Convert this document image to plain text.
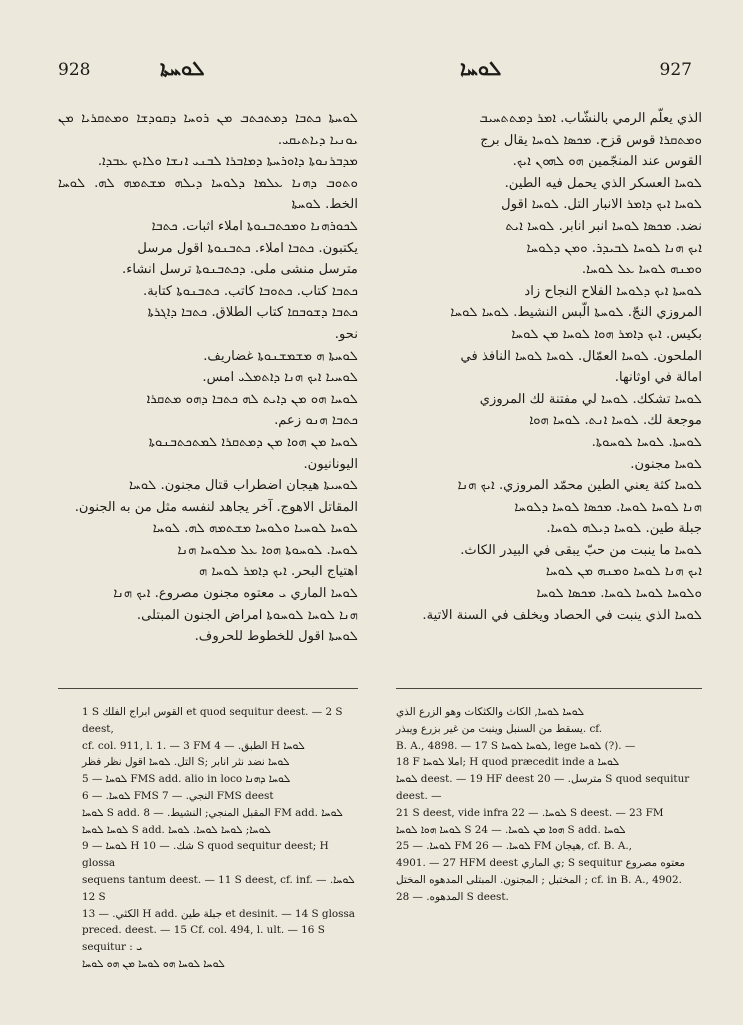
928	ܠܘܚܬܐ	ܠܘܚܐ	927

ܠܘܚܬܐ ܟܬܒܐ ܕܡܬܟܬܒ ܡܢ ܪܘܚܐ ܕܩܘܕܫܐ ܘܡܬܩܪܝܐ ܡܢ ܝܘܢܝܐ ܕܝܐܬܝܩܝ.

ܡܕܒܪܢܘܬܐ ܕܐܘܪܚܬܐ ܕܡܐܒܪܐ ܠܒܢܝ ܐܢܫܐ ܘܠܐܝܟ ܥܒܕܐ.

ܘܬܘܒ ܕܗܢܐ ܥܠܡܐ ܕܠܘܚܐ ܕܝܠܗ ܡܫܬܡܗ ܠܗ. ܠܘܚܐ الخط. ܠܘܚܬܐ

ܠܟܘܪܗܢܐ ܘܡܟܬܒܢܘܬܐ املاء اثبات. ܟܬܒܐ

يكتبون. ܟܬܒܐ املاء. ܟܬܒܢܘܬܐ اقول مرسل

مترسل منشی ملی. ܕܟܬܒܢܘܬܐ ترسل انشاء.

ܟܬܒܐ كتاب. ܟܬܘܒܐ كاتب. ܟܬܒܢܘܬܐ كتابة.

ܟܬܒܐ ܕܫܘܒܩܐ كتاب الطلاق. ܟܬܒܐ ܕܐܓܪܬܐ

نحو.

ܠܘܚܬܐ ܗ ܡܫܡܫܢܘܬܐ غضاريف.

ܠܘܚܝܐ ܐܝܟ ܗܢܐ ܕܐܬܡܠܝ امس.

ܠܘܚܐ ܗܘ ܡܢ ܕܐܝܬ ܠܗ ܟܬܒܐ ܕܗܘ ܡܬܩܪܐ

ܟܬܒܐ ܗܢܘ زعم.

ܠܘܚܐ ܡܢ ܗܘܐ ܡܢ ܕܡܬܩܪܐ ܠܡܬܟܬܒܢܘܬܐ

اليونانيون.

ܠܘܚܝܬܐ هيجان اضطراب قتال مجنون. ܠܘܚܐ

المقاتل الاهوج. آخر يجاهد لنفسه مثل من به الجنون.

ܠܘܚܐ ܠܘܚܝܐ ܘܠܘܚܐ ܡܫܬܡܗ ܠܗ. ܠܘܚܐ

ܠܘܚܐ. ܠܘܚܘܬܐ ܗܘܐ ܥܠ ܡܠܘܚܐ ܗܢܐ

اهتياج البحر. ܐܝܟ ܕܐܡܪ ܠܘܚܐ ܗ

ܠܘܚܐ الماري ܝ معتوه مجنون مصروع. ܐܝܟ ܗܢܐ

ܗܢܐ ܠܘܚܐ ܠܘܚܘܬܐ امراض الجنون المبتلى.

ܠܘܚܬܐ اقول للخطوط للحروف.

الذي يعلّم الرمي بالنشّاب. ܐܡܪ ܕܡܬܬܚܝܒ

ܘܡܬܩܪܐ قوس قزح. ܡܟܣܐ ܠܘܚܐ يقال برج

القوس عند المنجّمين ܗܘ ܠܗܘܢ ܐܝܟ.

ܠܘܚܐ العسكر الذي يحمل فيه الطين.

ܠܘܚܐ ܐܝܟ ܕܐܡܪ الانبار التل. ܠܘܚܐ اقول

نضد. ܡܟܣܐ ܠܘܚܐ انبر انابر. ܠܘܚܐ ܐܝܬ

ܐܝܟ ܗܢܐ ܠܘܚܐ ܠܒܝܕܪ. ܘܡܢ ܕܠܘܚܐ

ܘܡܢܗ ܠܘܚܐ ܥܠ ܠܘܚܐ.

ܠܘܚܬܐ ܐܝܟ ܕܠܘܚܐ الفلاح النجاح زاد

المروزي النجّ. ܠܘܚܬܐ الّبس النشيط. ܠܘܚܐ ܠܘܚܐ

بكيس. ܐܝܟ ܕܐܡܪ ܗܘܐ ܠܘܚܐ ܡܢ ܠܘܚܐ

الملحون. ܠܘܚܐ العمّال. ܠܘܚܐ ܠܘܚܐ النافذ في

امالة في اوثانها.

ܠܘܚܐ تشكك. ܠܘܚܐ لي مفتنة لك المروزي

موجعة لك. ܠܘܚܐ ܐܢܬ. ܠܘܚܐ ܗܘܐ

ܠܘܚܬܐ. ܠܘܚܐ ܠܘܚܘܬܐ.

ܠܘܚܐ مجنون.

ܠܘܚܐ كثة يعني الطين محمّد المروزي. ܐܝܟ ܗܢܐ

ܗܢܐ ܠܘܚܐ ܠܘܚܐ. ܡܟܣܐ ܠܘܚܐ ܕܠܘܚܐ

جبلة طين. ܠܘܚܐ ܕܝܠܗ ܠܘܚܐ.

ܠܘܚܐ ما ينبت من حبّ يبقى في البيدر الكاث.

ܐܝܟ ܗܢܐ ܠܘܚܐ ܘܡܢܗ ܡܢ ܠܘܚܐ

ܘܠܘܚܐ ܠܘܚܐ ܠܘܚܐ. ܡܟܣܐ ܠܘܚܐ

ܠܘܚܐ الذي ينبت في الحصاد ويخلف في السنة الاتية.

1 S القوس ابراج الفلك et quod sequitur deest. — 2 S deest,

cf. col. 911, l. 1. — 3 FM الطبق. — 4 H ܠܘܚܐ

التل. ܠܘܚܐ اقول نظر فظر S; ܠܘܚܐ نضد نثر انابر

ܠܘܚܐ — 5 FMS add. alio in loco ܠܘܚܐ ܕܗܢܐ

ܠܘܚܐ. — 6 FMS النجي. — 7 FMS deest

ܠܘܚܐ S add. المقبل المنجي; النشيط. — 8 FM add. ܠܘܚܐ

ܠܘܚܐ ܠܘܚܐ S add. ܠܘܚܐ; ܠܘܚܐ ܠܘܚܐ. ܠܘܚܐ

ܠܘܚܐ — 9 H شك. — 10 S quod sequitur deest; H glossa

sequens tantum deest. — 11 S deest, cf. inf. ܠܘܚܐ. — 12 S

الكثي. — 13 H add. جبلة طين et desinit. — 14 S glossa

preced. deest. — 15 Cf. col. 494, l. ult. — 16 S sequitur : ܝ

ܠܘܚܐ ܠܘܚܐ ܗܘ ܠܘܚܐ ܡܢ ܗܘ ܠܘܚܐ

ܠܘܚܐ ܠܘܚܐ, الكاث والكثكات وهو الزرع الذي

يسقط من السنبل وينبت من غير بزرع ويبذر. cf.

B. A., 4898. — 17 S ܠܘܚܐ ܠܘܚܐ, lege ܠܘܚܐ (?). —

18 F املا ܠܘܚܐ; H quod præcedit inde a ܠܘܚܐ

ܠܘܚܐ deest. — 19 HF deest مترسل. — 20 S quod sequitur deest. —

21 S deest, vide infra ܠܘܚܐ. — 22 S deest. — 23 FM

ܠܘܚܐ ܗܘܐ ܠܘܚܐ S ܗܘܐ ܡܢ ܠܘܚܐ. — 24 S add. ܠܘܚܐ

ܠܘܚܐ. — 25 FM ܠܘܚܐ. — 26 FM هيجان, cf. B. A.,

4901. — 27 HFM deest ي الماري; S sequitur معتوه مصروع

المختبل ; المجنون. المبتلى المدهوه المختل ; cf. in B. A., 4902.

المدهوه. — 28 S deest.
